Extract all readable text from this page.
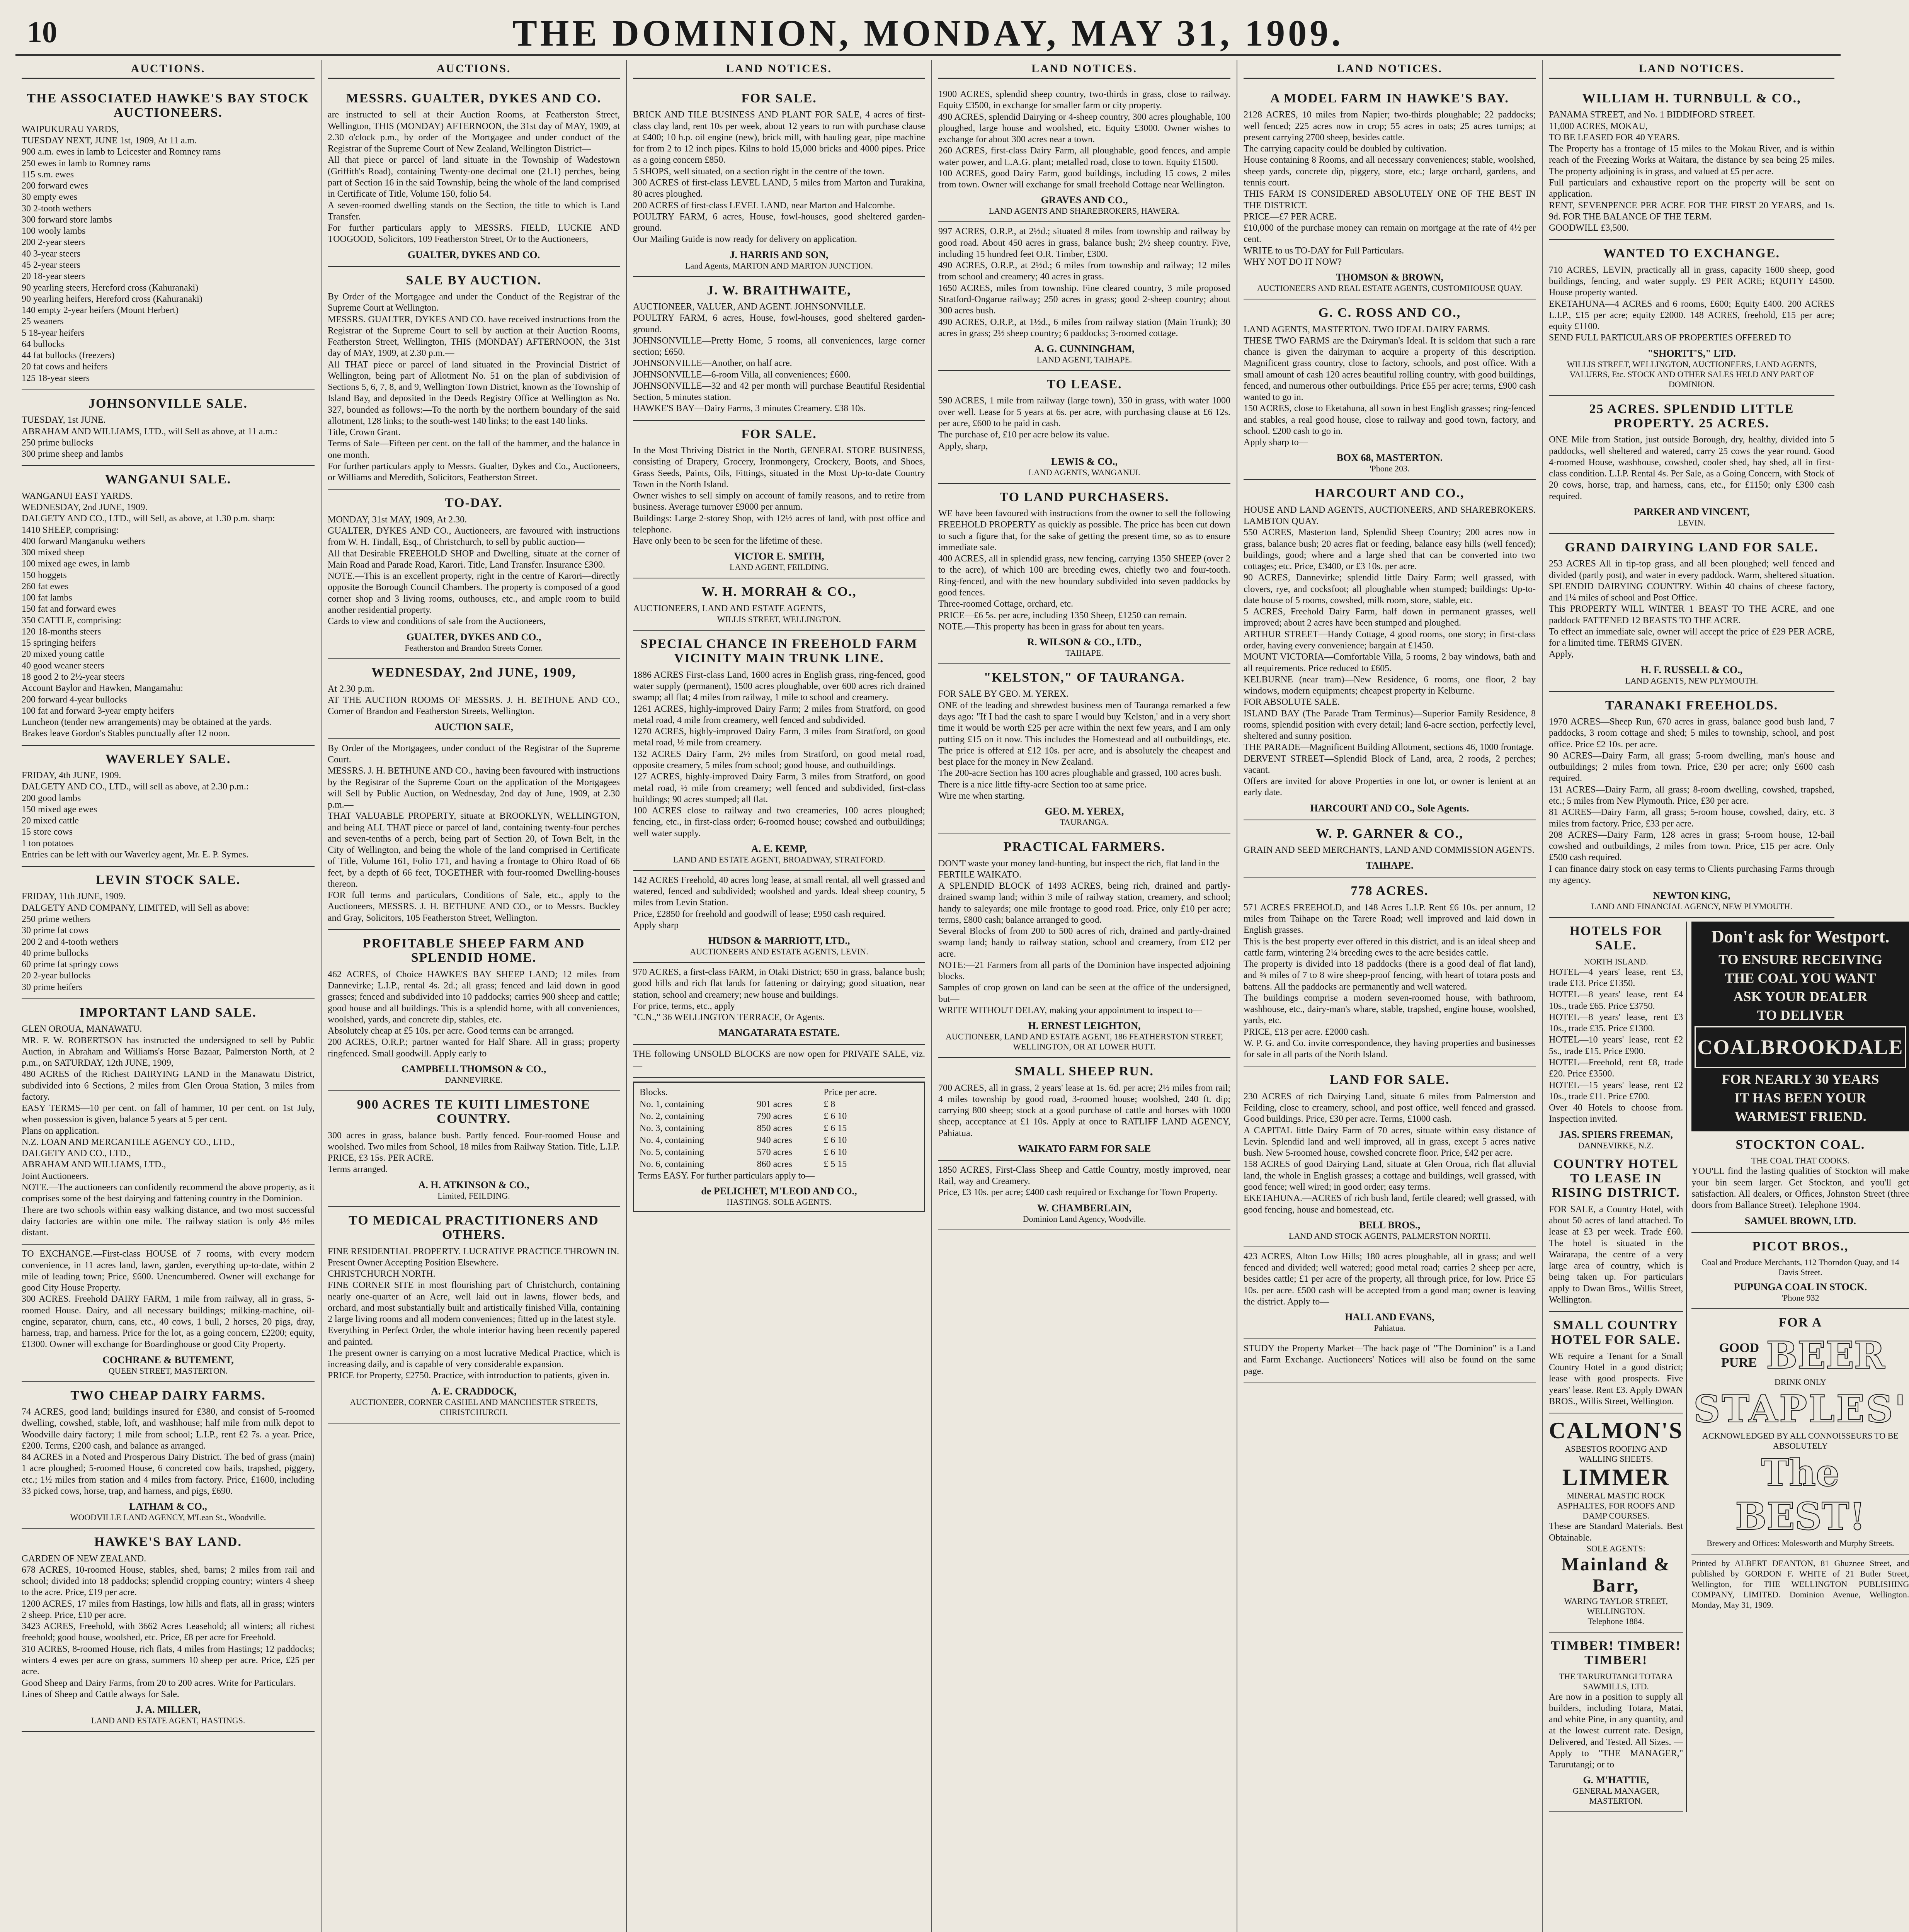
10	THE DOMINION, MONDAY, MAY 31, 1909.
AUCTIONS.
THE ASSOCIATED HAWKE'S BAY STOCK AUCTIONEERS.
WAIPUKURAU YARDS,
TUESDAY NEXT, JUNE 1st, 1909, At 11 a.m.
900 a.m. ewes in lamb to Leicester and Romney rams
250 ewes in lamb to Romney rams
115 s.m. ewes
200 forward ewes
30 empty ewes
30 2-tooth wethers
300 forward store lambs
100 wooly lambs
200 2-year steers
40 3-year steers
45 2-year steers
20 18-year steers
90 yearling steers, Hereford cross (Kahuranaki)
90 yearling heifers, Hereford cross (Kahuranaki)
140 empty 2-year heifers (Mount Herbert)
25 weaners
5 18-year heifers
64 bullocks
44 fat bullocks (freezers)
20 fat cows and heifers
125 18-year steers
JOHNSONVILLE SALE.
TUESDAY, 1st JUNE.
ABRAHAM AND WILLIAMS, LTD., will Sell as above, at 11 a.m.:
250 prime bullocks
300 prime sheep and lambs
WANGANUI SALE.
WANGANUI EAST YARDS.
WEDNESDAY, 2nd JUNE, 1909.
DALGETY AND CO., LTD., will Sell, as above, at 1.30 p.m. sharp:
1410 SHEEP, comprising:
400 forward Manganuku wethers
300 mixed sheep
100 mixed age ewes, in lamb
150 hoggets
260 fat ewes
100 fat lambs
150 fat and forward ewes
350 CATTLE, comprising:
120 18-months steers
15 springing heifers
20 mixed young cattle
40 good weaner steers
18 good 2 to 2½-year steers
Account Baylor and Hawken, Mangamahu:
200 forward 4-year bullocks
100 fat and forward 3-year empty heifers
Luncheon (tender new arrangements) may be obtained at the yards.
Brakes leave Gordon's Stables punctually after 12 noon.
WAVERLEY SALE.
FRIDAY, 4th JUNE, 1909.
DALGETY AND CO., LTD., will sell as above, at 2.30 p.m.:
200 good lambs
150 mixed age ewes
20 mixed cattle
15 store cows
1 ton potatoes
Entries can be left with our Waverley agent, Mr. E. P. Symes.
LEVIN STOCK SALE.
FRIDAY, 11th JUNE, 1909.
DALGETY AND COMPANY, LIMITED, will Sell as above:
250 prime wethers
30 prime fat cows
200 2 and 4-tooth wethers
40 prime bullocks
60 prime fat springy cows
20 2-year bullocks
30 prime heifers
IMPORTANT LAND SALE.
GLEN OROUA, MANAWATU.
MR. F. W. ROBERTSON has instructed the undersigned to sell by Public Auction, in Abraham and Williams's Horse Bazaar, Palmerston North, at 2 p.m., on SATURDAY, 12th JUNE, 1909,
480 ACRES of the Richest DAIRYING LAND in the Manawatu District, subdivided into 6 Sections, 2 miles from Glen Oroua Station, 3 miles from factory.
EASY TERMS—10 per cent. on fall of hammer, 10 per cent. on 1st July, when possession is given, balance 5 years at 5 per cent.
Plans on application.
N.Z. LOAN AND MERCANTILE AGENCY CO., LTD.,
DALGETY AND CO., LTD.,
ABRAHAM AND WILLIAMS, LTD.,
Joint Auctioneers.
NOTE.—The auctioneers can confidently recommend the above property, as it comprises some of the best dairying and fattening country in the Dominion.
There are two schools within easy walking distance, and two most successful dairy factories are within one mile. The railway station is only 4½ miles distant.
TO EXCHANGE.—First-class HOUSE of 7 rooms, with every modern convenience, in 11 acres land, lawn, garden, everything up-to-date, within 2 mile of leading town; Price, £600. Unencumbered. Owner will exchange for good City House Property.
300 ACRES. Freehold DAIRY FARM, 1 mile from railway, all in grass, 5-roomed House. Dairy, and all necessary buildings; milking-machine, oil-engine, separator, churn, cans, etc., 40 cows, 1 bull, 2 horses, 20 pigs, dray, harness, trap, and harness. Price for the lot, as a going concern, £2200; equity, £1300. Owner will exchange for Boardinghouse or good City Property.
COCHRANE & BUTEMENT,
QUEEN STREET, MASTERTON.
TWO CHEAP DAIRY FARMS.
74 ACRES, good land; buildings insured for £380, and consist of 5-roomed dwelling, cowshed, stable, loft, and washhouse; half mile from milk depot to Woodville dairy factory; 1 mile from school; L.I.P., rent £2 7s. a year. Price, £200. Terms, £200 cash, and balance as arranged.
84 ACRES in a Noted and Prosperous Dairy District. The bed of grass (main) 1 acre ploughed; 5-roomed House, 6 concreted cow bails, trapshed, piggery, etc.; 1½ miles from station and 4 miles from factory. Price, £1600, including 33 picked cows, horse, trap, and harness, and pigs, £690.
LATHAM & CO.,
WOODVILLE LAND AGENCY, M'Lean St., Woodville.
HAWKE'S BAY LAND.
GARDEN OF NEW ZEALAND.
678 ACRES, 10-roomed House, stables, shed, barns; 2 miles from rail and school; divided into 18 paddocks; splendid cropping country; winters 4 sheep to the acre. Price, £19 per acre.
1200 ACRES, 17 miles from Hastings, low hills and flats, all in grass; winters 2 sheep. Price, £10 per acre.
3423 ACRES, Freehold, with 3662 Acres Leasehold; all winters; all richest freehold; good house, woolshed, etc. Price, £8 per acre for Freehold.
310 ACRES, 8-roomed House, rich flats, 4 miles from Hastings; 12 paddocks; winters 4 ewes per acre on grass, summers 10 sheep per acre. Price, £25 per acre.
Good Sheep and Dairy Farms, from 20 to 200 acres. Write for Particulars.
Lines of Sheep and Cattle always for Sale.
J. A. MILLER,
LAND AND ESTATE AGENT, HASTINGS.
AUCTIONS.
MESSRS. GUALTER, DYKES AND CO.
are instructed to sell at their Auction Rooms, at Featherston Street, Wellington, THIS (MONDAY) AFTERNOON, the 31st day of MAY, 1909, at 2.30 o'clock p.m., by order of the Mortgagee and under conduct of the Registrar of the Supreme Court of New Zealand, Wellington District—
All that piece or parcel of land situate in the Township of Wadestown (Griffith's Road), containing Twenty-one decimal one (21.1) perches, being part of Section 16 in the said Township, being the whole of the land comprised in Certificate of Title, Volume 150, folio 54.
A seven-roomed dwelling stands on the Section, the title to which is Land Transfer.
For further particulars apply to MESSRS. FIELD, LUCKIE AND TOOGOOD, Solicitors, 109 Featherston Street, Or to the Auctioneers,
GUALTER, DYKES AND CO.
SALE BY AUCTION.
By Order of the Mortgagee and under the Conduct of the Registrar of the Supreme Court at Wellington.
MESSRS. GUALTER, DYKES AND CO. have received instructions from the Registrar of the Supreme Court to sell by auction at their Auction Rooms, Featherston Street, Wellington, THIS (MONDAY) AFTERNOON, the 31st day of MAY, 1909, at 2.30 p.m.—
All THAT piece or parcel of land situated in the Provincial District of Wellington, being part of Allotment No. 51 on the plan of subdivision of Sections 5, 6, 7, 8, and 9, Wellington Town District, known as the Township of Island Bay, and deposited in the Deeds Registry Office at Wellington as No. 327, bounded as follows:—To the north by the northern boundary of the said allotment, 128 links; to the south-west 140 links; to the east 140 links.
Title, Crown Grant.
Terms of Sale—Fifteen per cent. on the fall of the hammer, and the balance in one month.
For further particulars apply to Messrs. Gualter, Dykes and Co., Auctioneers, or Williams and Meredith, Solicitors, Featherston Street.
TO-DAY.
MONDAY, 31st MAY, 1909, At 2.30.
GUALTER, DYKES AND CO., Auctioneers, are favoured with instructions from W. H. Tindall, Esq., of Christchurch, to sell by public auction—
All that Desirable FREEHOLD SHOP and Dwelling, situate at the corner of Main Road and Parade Road, Karori. Title, Land Transfer. Insurance £300.
NOTE.—This is an excellent property, right in the centre of Karori—directly opposite the Borough Council Chambers. The property is composed of a good corner shop and 3 living rooms, outhouses, etc., and ample room to build another residential property.
Cards to view and conditions of sale from the Auctioneers,
GUALTER, DYKES AND CO.,
Featherston and Brandon Streets Corner.
WEDNESDAY, 2nd JUNE, 1909,
At 2.30 p.m.
AT THE AUCTION ROOMS OF MESSRS. J. H. BETHUNE AND CO., Corner of Brandon and Featherston Streets, Wellington.
AUCTION SALE,
By Order of the Mortgagees, under conduct of the Registrar of the Supreme Court.
MESSRS. J. H. BETHUNE AND CO., having been favoured with instructions by the Registrar of the Supreme Court on the application of the Mortgagees will Sell by Public Auction, on Wednesday, 2nd day of June, 1909, at 2.30 p.m.—
THAT VALUABLE PROPERTY, situate at BROOKLYN, WELLINGTON, and being ALL THAT piece or parcel of land, containing twenty-four perches and seven-tenths of a perch, being part of Section 20, of Town Belt, in the City of Wellington, and being the whole of the land comprised in Certificate of Title, Volume 161, Folio 171, and having a frontage to Ohiro Road of 66 feet, by a depth of 66 feet, TOGETHER with four-roomed Dwelling-houses thereon.
FOR full terms and particulars, Conditions of Sale, etc., apply to the Auctioneers, MESSRS. J. H. BETHUNE AND CO., or to Messrs. Buckley and Gray, Solicitors, 105 Featherston Street, Wellington.
PROFITABLE SHEEP FARM AND SPLENDID HOME.
462 ACRES, of Choice HAWKE'S BAY SHEEP LAND; 12 miles from Dannevirke; L.I.P., rental 4s. 2d.; all grass; fenced and laid down in good grasses; fenced and subdivided into 10 paddocks; carries 900 sheep and cattle; good house and all buildings. This is a splendid home, with all conveniences, woolshed, yards, and concrete dip, stables, etc.
Absolutely cheap at £5 10s. per acre. Good terms can be arranged.
200 ACRES, O.R.P.; partner wanted for Half Share. All in grass; property ringfenced. Small goodwill. Apply early to
CAMPBELL THOMSON & CO.,
DANNEVIRKE.
900 ACRES TE KUITI LIMESTONE COUNTRY.
300 acres in grass, balance bush. Partly fenced. Four-roomed House and woolshed. Two miles from School, 18 miles from Railway Station. Title, L.I.P.
PRICE, £3 15s. PER ACRE.
Terms arranged.
A. H. ATKINSON & CO.,
Limited, FEILDING.
TO MEDICAL PRACTITIONERS AND OTHERS.
FINE RESIDENTIAL PROPERTY. LUCRATIVE PRACTICE THROWN IN.
Present Owner Accepting Position Elsewhere.
CHRISTCHURCH NORTH.
FINE CORNER SITE in most flourishing part of Christchurch, containing nearly one-quarter of an Acre, well laid out in lawns, flower beds, and orchard, and most substantially built and artistically finished Villa, containing 2 large living rooms and all modern conveniences; fitted up in the latest style.
Everything in Perfect Order, the whole interior having been recently papered and painted.
The present owner is carrying on a most lucrative Medical Practice, which is increasing daily, and is capable of very considerable expansion.
PRICE for Property, £2750. Practice, with introduction to patients, given in.
A. E. CRADDOCK,
AUCTIONEER, CORNER CASHEL AND MANCHESTER STREETS, CHRISTCHURCH.
LAND NOTICES.
FOR SALE.
BRICK AND TILE BUSINESS AND PLANT FOR SALE, 4 acres of first-class clay land, rent 10s per week, about 12 years to run with purchase clause at £400; 10 h.p. oil engine (new), brick mill, with hauling gear, pipe machine for from 2 to 12 inch pipes. Kilns to hold 15,000 bricks and 4000 pipes. Price as a going concern £850.
5 SHOPS, well situated, on a section right in the centre of the town.
300 ACRES of first-class LEVEL LAND, 5 miles from Marton and Turakina, 80 acres ploughed.
200 ACRES of first-class LEVEL LAND, near Marton and Halcombe.
POULTRY FARM, 6 acres, House, fowl-houses, good sheltered garden-ground.
Our Mailing Guide is now ready for delivery on application.
J. HARRIS AND SON,
Land Agents, MARTON AND MARTON JUNCTION.
J. W. BRAITHWAITE,
AUCTIONEER, VALUER, AND AGENT. JOHNSONVILLE.
POULTRY FARM, 6 acres, House, fowl-houses, good sheltered garden-ground.
JOHNSONVILLE—Pretty Home, 5 rooms, all conveniences, large corner section; £650.
JOHNSONVILLE—Another, on half acre.
JOHNSONVILLE—6-room Villa, all conveniences; £600.
JOHNSONVILLE—32 and 42 per month will purchase Beautiful Residential Section, 5 minutes station.
HAWKE'S BAY—Dairy Farms, 3 minutes Creamery. £38 10s.
FOR SALE.
In the Most Thriving District in the North, GENERAL STORE BUSINESS, consisting of Drapery, Grocery, Ironmongery, Crockery, Boots, and Shoes, Grass Seeds, Paints, Oils, Fittings, situated in the Most Up-to-date Country Town in the North Island.
Owner wishes to sell simply on account of family reasons, and to retire from business. Average turnover £9000 per annum.
Buildings: Large 2-storey Shop, with 12½ acres of land, with post office and telephone.
Have only been to be seen for the lifetime of these.
VICTOR E. SMITH,
LAND AGENT, FEILDING.
W. H. MORRAH & CO.,
AUCTIONEERS, LAND AND ESTATE AGENTS,
WILLIS STREET, WELLINGTON.
SPECIAL CHANCE IN FREEHOLD FARM VICINITY MAIN TRUNK LINE.
1886 ACRES First-class Land, 1600 acres in English grass, ring-fenced, good water supply (permanent), 1500 acres ploughable, over 600 acres rich drained swamp; all flat; 4 miles from railway, 1 mile to school and creamery.
1261 ACRES, highly-improved Dairy Farm; 2 miles from Stratford, on good metal road, 4 mile from creamery, well fenced and subdivided.
1270 ACRES, highly-improved Dairy Farm, 3 miles from Stratford, on good metal road, ½ mile from creamery.
132 ACRES Dairy Farm, 2½ miles from Stratford, on good metal road, opposite creamery, 5 miles from school; good house, and outbuildings.
127 ACRES, highly-improved Dairy Farm, 3 miles from Stratford, on good metal road, ½ mile from creamery; well fenced and subdivided, first-class buildings; 90 acres stumped; all flat.
100 ACRES close to railway and two creameries, 100 acres ploughed; fencing, etc., in first-class order; 6-roomed house; cowshed and outbuildings; well water supply.
A. E. KEMP,
LAND AND ESTATE AGENT, BROADWAY, STRATFORD.
142 ACRES Freehold, 40 acres long lease, at small rental, all well grassed and watered, fenced and subdivided; woolshed and yards. Ideal sheep country, 5 miles from Levin Station.
Price, £2850 for freehold and goodwill of lease; £950 cash required.
Apply sharp
HUDSON & MARRIOTT, LTD.,
AUCTIONEERS AND ESTATE AGENTS, LEVIN.
970 ACRES, a first-class FARM, in Otaki District; 650 in grass, balance bush; good hills and rich flat lands for fattening or dairying; good situation, near station, school and creamery; new house and buildings.
For price, terms, etc., apply
"C.N.," 36 WELLINGTON TERRACE, Or Agents.
MANGATARATA ESTATE.
THE following UNSOLD BLOCKS are now open for PRIVATE SALE, viz.—
Blocks.		Price per acre.
No. 1, containing	901 acres	£ 8
No. 2, containing	790 acres	£ 6 10
No. 3, containing	850 acres	£ 6 15
No. 4, containing	940 acres	£ 6 10
No. 5, containing	570 acres	£ 6 10
No. 6, containing	860 acres	£ 5 15
Terms EASY. For further particulars apply to—
de PELICHET, M'LEOD AND CO.,
HASTINGS. SOLE AGENTS.
LAND NOTICES.
1900 ACRES, splendid sheep country, two-thirds in grass, close to railway. Equity £3500, in exchange for smaller farm or city property.
490 ACRES, splendid Dairying or 4-sheep country, 300 acres ploughable, 100 ploughed, large house and woolshed, etc. Equity £3000. Owner wishes to exchange for about 300 acres near a town.
260 ACRES, first-class Dairy Farm, all ploughable, good fences, and ample water power, and L.A.G. plant; metalled road, close to town. Equity £1500.
100 ACRES, good Dairy Farm, good buildings, including 15 cows, 2 miles from town. Owner will exchange for small freehold Cottage near Wellington.
GRAVES AND CO.,
LAND AGENTS AND SHAREBROKERS, HAWERA.
997 ACRES, O.R.P., at 2½d.; situated 8 miles from township and railway by good road. About 450 acres in grass, balance bush; 2½ sheep country. Five, including 15 hundred feet O.R. Timber, £300.
490 ACRES, O.R.P., at 2½d.; 6 miles from township and railway; 12 miles from school and creamery; 40 acres in grass.
1650 ACRES, miles from township. Fine cleared country, 3 mile proposed Stratford-Ongarue railway; 250 acres in grass; good 2-sheep country; about 300 acres bush.
490 ACRES, O.R.P., at 1½d., 6 miles from railway station (Main Trunk); 30 acres in grass; 2½ sheep country; 6 paddocks; 3-roomed cottage.
A. G. CUNNINGHAM,
LAND AGENT, TAIHAPE.
TO LEASE.
590 ACRES, 1 mile from railway (large town), 350 in grass, with water 1000 over well. Lease for 5 years at 6s. per acre, with purchasing clause at £6 12s. per acre, £600 to be paid in cash.
The purchase of, £10 per acre below its value.
Apply, sharp,
LEWIS & CO.,
LAND AGENTS, WANGANUI.
TO LAND PURCHASERS.
WE have been favoured with instructions from the owner to sell the following FREEHOLD PROPERTY as quickly as possible. The price has been cut down to such a figure that, for the sake of getting the present time, so as to ensure immediate sale.
400 ACRES, all in splendid grass, new fencing, carrying 1350 SHEEP (over 2 to the acre), of which 100 are breeding ewes, chiefly two and four-tooth. Ring-fenced, and with the new boundary subdivided into seven paddocks by good fences.
Three-roomed Cottage, orchard, etc.
PRICE—£6 5s. per acre, including 1350 Sheep, £1250 can remain.
NOTE.—This property has been in grass for about ten years.
R. WILSON & CO., LTD.,
TAIHAPE.
"KELSTON," OF TAURANGA.
FOR SALE BY GEO. M. YEREX.
ONE of the leading and shrewdest business men of Tauranga remarked a few days ago: "If I had the cash to spare I would buy 'Kelston,' and in a very short time it would be worth £25 per acre within the next few years, and I am only putting £15 on it now. This includes the Homestead and all outbuildings, etc. The price is offered at £12 10s. per acre, and is absolutely the cheapest and best place for the money in New Zealand.
The 200-acre Section has 100 acres ploughable and grassed, 100 acres bush.
There is a nice little fifty-acre Section too at same price.
Wire me when starting.
GEO. M. YEREX,
TAURANGA.
PRACTICAL FARMERS.
DON'T waste your money land-hunting, but inspect the rich, flat land in the
FERTILE WAIKATO.
A SPLENDID BLOCK of 1493 ACRES, being rich, drained and partly-drained swamp land; within 3 mile of railway station, creamery, and school; handy to saleyards; one mile frontage to good road. Price, only £10 per acre; terms, £800 cash; balance arranged to good.
Several Blocks of from 200 to 500 acres of rich, drained and partly-drained swamp land; handy to railway station, school and creamery, from £12 per acre.
NOTE:—21 Farmers from all parts of the Dominion have inspected adjoining blocks.
Samples of crop grown on land can be seen at the office of the undersigned, but—
WRITE WITHOUT DELAY, making your appointment to inspect to—
H. ERNEST LEIGHTON,
AUCTIONEER, LAND AND ESTATE AGENT, 186 FEATHERSTON STREET, WELLINGTON, OR AT LOWER HUTT.
SMALL SHEEP RUN.
700 ACRES, all in grass, 2 years' lease at 1s. 6d. per acre; 2½ miles from rail; 4 miles township by good road, 3-roomed house; woolshed, 240 ft. dip; carrying 800 sheep; stock at a good purchase of cattle and horses with 1000 sheep, acceptance at £1 10s. Apply at once to RATLIFF LAND AGENCY, Pahiatua.
WAIKATO FARM FOR SALE
1850 ACRES, First-Class Sheep and Cattle Country, mostly improved, near Rail, way and Creamery.
Price, £3 10s. per acre; £400 cash required or Exchange for Town Property.
W. CHAMBERLAIN,
Dominion Land Agency, Woodville.
LAND NOTICES.
A MODEL FARM IN HAWKE'S BAY.
2128 ACRES, 10 miles from Napier; two-thirds ploughable; 22 paddocks; well fenced; 225 acres now in crop; 55 acres in oats; 25 acres turnips; at present carrying 2700 sheep, besides cattle.
The carrying capacity could be doubled by cultivation.
House containing 8 Rooms, and all necessary conveniences; stable, woolshed, sheep yards, concrete dip, piggery, store, etc.; large orchard, gardens, and tennis court.
THIS FARM IS CONSIDERED ABSOLUTELY ONE OF THE BEST IN THE DISTRICT.
PRICE—£7 PER ACRE.
£10,000 of the purchase money can remain on mortgage at the rate of 4½ per cent.
WRITE to us TO-DAY for Full Particulars.
WHY NOT DO IT NOW?
THOMSON & BROWN,
AUCTIONEERS AND REAL ESTATE AGENTS, CUSTOMHOUSE QUAY.
G. C. ROSS AND CO.,
LAND AGENTS, MASTERTON. TWO IDEAL DAIRY FARMS.
THESE TWO FARMS are the Dairyman's Ideal. It is seldom that such a rare chance is given the dairyman to acquire a property of this description. Magnificent grass country, close to factory, schools, and post office. With a small amount of cash 120 acres beautiful rolling country, with good buildings, fenced, and numerous other outbuildings. Price £55 per acre; terms, £900 cash wanted to go in.
150 ACRES, close to Eketahuna, all sown in best English grasses; ring-fenced and stables, a real good house, close to railway and good town, factory, and school. £200 cash to go in.
Apply sharp to—
BOX 68, MASTERTON.
'Phone 203.
HARCOURT AND CO.,
HOUSE AND LAND AGENTS, AUCTIONEERS, AND SHAREBROKERS. LAMBTON QUAY.
550 ACRES, Masterton land, Splendid Sheep Country; 200 acres now in grass, balance bush; 20 acres flat or feeding, balance easy hills (well fenced); buildings, good; where and a large shed that can be converted into two cottages; etc. Price, £3400, or £3 10s. per acre.
90 ACRES, Dannevirke; splendid little Dairy Farm; well grassed, with clovers, rye, and cocksfoot; all ploughable when stumped; buildings: Up-to-date house of 5 rooms, cowshed, milk room, store, stable, etc.
5 ACRES, Freehold Dairy Farm, half down in permanent grasses, well improved; about 2 acres have been stumped and ploughed.
ARTHUR STREET—Handy Cottage, 4 good rooms, one story; in first-class order, having every convenience; bargain at £1450.
MOUNT VICTORIA—Comfortable Villa, 5 rooms, 2 bay windows, bath and all requirements. Price reduced to £605.
KELBURNE (near tram)—New Residence, 6 rooms, one floor, 2 bay windows, modern equipments; cheapest property in Kelburne.
FOR ABSOLUTE SALE.
ISLAND BAY (The Parade Tram Terminus)—Superior Family Residence, 8 rooms, splendid position with every detail; land 6-acre section, perfectly level, sheltered and sunny position.
THE PARADE—Magnificent Building Allotment, sections 46, 1000 frontage.
DERVENT STREET—Splendid Block of Land, area, 2 roods, 2 perches; vacant.
Offers are invited for above Properties in one lot, or owner is lenient at an early date.
HARCOURT AND CO., Sole Agents.
W. P. GARNER & CO.,
GRAIN AND SEED MERCHANTS, LAND AND COMMISSION AGENTS.
TAIHAPE.
778 ACRES.
571 ACRES FREEHOLD, and 148 Acres L.I.P. Rent £6 10s. per annum, 12 miles from Taihape on the Tarere Road; well improved and laid down in English grasses.
This is the best property ever offered in this district, and is an ideal sheep and cattle farm, wintering 2¼ breeding ewes to the acre besides cattle.
The property is divided into 18 paddocks (there is a good deal of flat land), and ¾ miles of 7 to 8 wire sheep-proof fencing, with heart of totara posts and battens. All the paddocks are permanently and well watered.
The buildings comprise a modern seven-roomed house, with bathroom, washhouse, etc., dairy-man's whare, stable, trapshed, engine house, woolshed, yards, etc.
PRICE, £13 per acre. £2000 cash.
W. P. G. and Co. invite correspondence, they having properties and businesses for sale in all parts of the North Island.
LAND FOR SALE.
230 ACRES of rich Dairying Land, situate 6 miles from Palmerston and Feilding, close to creamery, school, and post office, well fenced and grassed. Good buildings. Price, £30 per acre. Terms, £1000 cash.
A CAPITAL little Dairy Farm of 70 acres, situate within easy distance of Levin. Splendid land and well improved, all in grass, except 5 acres native bush. New 5-roomed house, cowshed concrete floor. Price, £42 per acre.
158 ACRES of good Dairying Land, situate at Glen Oroua, rich flat alluvial land, the whole in English grasses; a cottage and buildings, well grassed, with good fence; well wired; in good order; easy terms.
EKETAHUNA.—ACRES of rich bush land, fertile cleared; well grassed, with good fencing, house and homestead, etc.
BELL BROS.,
LAND AND STOCK AGENTS, PALMERSTON NORTH.
423 ACRES, Alton Low Hills; 180 acres ploughable, all in grass; and well fenced and divided; well watered; good metal road; carries 2 sheep per acre, besides cattle; £1 per acre of the property, all through price, for low. Price £5 10s. per acre. £500 cash will be accepted from a good man; owner is leaving the district. Apply to—
HALL AND EVANS,
Pahiatua.
STUDY the Property Market—The back page of "The Dominion" is a Land and Farm Exchange. Auctioneers' Notices will also be found on the same page.
LAND NOTICES.
WILLIAM H. TURNBULL & CO.,
PANAMA STREET, and No. 1 BIDDIFORD STREET.
11,000 ACRES, MOKAU,
TO BE LEASED FOR 40 YEARS.
The Property has a frontage of 15 miles to the Mokau River, and is within reach of the Freezing Works at Waitara, the distance by sea being 25 miles. The property adjoining is in grass, and valued at £5 per acre.
Full particulars and exhaustive report on the property will be sent on application.
RENT, SEVENPENCE PER ACRE FOR THE FIRST 20 YEARS, and 1s. 9d. FOR THE BALANCE OF THE TERM.
GOODWILL £3,500.
WANTED TO EXCHANGE.
710 ACRES, LEVIN, practically all in grass, capacity 1600 sheep, good buildings, fencing, and water supply. £9 PER ACRE; EQUITY £4500. House property wanted.
EKETAHUNA—4 ACRES and 6 rooms, £600; Equity £400. 200 ACRES L.I.P., £15 per acre; equity £2000. 148 ACRES, freehold, £15 per acre; equity £1100.
SEND FULL PARTICULARS OF PROPERTIES OFFERED TO
"SHORTT'S," LTD.
WILLIS STREET, WELLINGTON, AUCTIONEERS, LAND AGENTS, VALUERS, Etc. STOCK AND OTHER SALES HELD ANY PART OF DOMINION.
25 ACRES. SPLENDID LITTLE PROPERTY. 25 ACRES.
ONE Mile from Station, just outside Borough, dry, healthy, divided into 5 paddocks, well sheltered and watered, carry 25 cows the year round. Good 4-roomed House, washhouse, cowshed, cooler shed, hay shed, all in first-class condition. L.I.P. Rental 4s. Per Sale, as a Going Concern, with Stock of 20 cows, horse, trap, and harness, cans, etc., for £1150; only £300 cash required.
PARKER AND VINCENT,
LEVIN.
GRAND DAIRYING LAND FOR SALE.
253 ACRES All in tip-top grass, and all been ploughed; well fenced and divided (partly post), and water in every paddock. Warm, sheltered situation. SPLENDID DAIRYING COUNTRY. Within 40 chains of cheese factory, and 1¼ miles of school and Post Office.
This PROPERTY WILL WINTER 1 BEAST TO THE ACRE, and one paddock FATTENED 12 BEASTS TO THE ACRE.
To effect an immediate sale, owner will accept the price of £29 PER ACRE, for a limited time. TERMS GIVEN.
Apply,
H. F. RUSSELL & CO.,
LAND AGENTS, NEW PLYMOUTH.
TARANAKI FREEHOLDS.
1970 ACRES—Sheep Run, 670 acres in grass, balance good bush land, 7 paddocks, 3 room cottage and shed; 5 miles to township, school, and post office. Price £2 10s. per acre.
90 ACRES—Dairy Farm, all grass; 5-room dwelling, man's house and outbuildings; 2 miles from town. Price, £30 per acre; only £600 cash required.
131 ACRES—Dairy Farm, all grass; 8-room dwelling, cowshed, trapshed, etc.; 5 miles from New Plymouth. Price, £30 per acre.
81 ACRES—Dairy Farm, all grass; 5-room house, cowshed, dairy, etc. 3 miles from factory. Price, £33 per acre.
208 ACRES—Dairy Farm, 128 acres in grass; 5-room house, 12-bail cowshed and outbuildings, 2 miles from town. Price, £15 per acre. Only £500 cash required.
I can finance dairy stock on easy terms to Clients purchasing Farms through my agency.
NEWTON KING,
LAND AND FINANCIAL AGENCY, NEW PLYMOUTH.
HOTELS FOR SALE.
NORTH ISLAND.
HOTEL—4 years' lease, rent £3, trade £13. Price £1350.
HOTEL—8 years' lease, rent £4 10s., trade £65. Price £3750.
HOTEL—8 years' lease, rent £3 10s., trade £35. Price £1300.
HOTEL—10 years' lease, rent £2 5s., trade £15. Price £900.
HOTEL—Freehold, rent £8, trade £20. Price £3500.
HOTEL—15 years' lease, rent £2 10s., trade £11. Price £700.
Over 40 Hotels to choose from. Inspection invited.
JAS. SPIERS FREEMAN,
DANNEVIRKE, N.Z.
COUNTRY HOTEL TO LEASE IN RISING DISTRICT.
FOR SALE, a Country Hotel, with about 50 acres of land attached. To lease at £3 per week. Trade £60. The hotel is situated in the Wairarapa, the centre of a very large area of country, which is being taken up. For particulars apply to Dwan Bros., Willis Street, Wellington.
SMALL COUNTRY HOTEL FOR SALE.
WE require a Tenant for a Small Country Hotel in a good district; lease with good prospects. Five years' lease. Rent £3. Apply DWAN BROS., Willis Street, Wellington.
CALMON'S
ASBESTOS ROOFING AND WALLING SHEETS.
LIMMER
MINERAL MASTIC ROCK ASPHALTES, FOR ROOFS AND DAMP COURSES.
These are Standard Materials. Best Obtainable.
SOLE AGENTS:
Mainland & Barr,
WARING TAYLOR STREET, WELLINGTON.
Telephone 1884.
TIMBER! TIMBER! TIMBER!
THE TARURUTANGI TOTARA SAWMILLS, LTD.
Are now in a position to supply all builders, including Totara, Matai, and white Pine, in any quantity, and at the lowest current rate. Design, Delivered, and Tested. All Sizes. — Apply to "THE MANAGER," Tarurutangi; or to
G. M'HATTIE,
GENERAL MANAGER, MASTERTON.
Don't ask for Westport.
TO ENSURE RECEIVING
THE COAL YOU WANT
ASK YOUR DEALER
TO DELIVER
COALBROOKDALE
FOR NEARLY 30 YEARS
IT HAS BEEN YOUR
WARMEST FRIEND.
STOCKTON COAL.
THE COAL THAT COOKS.
YOU'LL find the lasting qualities of Stockton will make your bin seem larger. Get Stockton, and you'll get satisfaction. All dealers, or Offices, Johnston Street (three doors from Ballance Street). Telephone 1904.
SAMUEL BROWN, LTD.
PICOT BROS.,
Coal and Produce Merchants, 112 Thorndon Quay, and 14 Davis Street.
PUPUNGA COAL IN STOCK.
'Phone 932
FOR A
GOOD PURE BEER
DRINK ONLY
STAPLES'
ACKNOWLEDGED BY ALL CONNOISSEURS TO BE ABSOLUTELY
The BEST!
Brewery and Offices: Molesworth and Murphy Streets.
Printed by ALBERT DEANTON, 81 Ghuznee Street, and published by GORDON F. WHITE of 21 Butler Street, Wellington, for THE WELLINGTON PUBLISHING COMPANY, LIMITED. Dominion Avenue, Wellington. Monday, May 31, 1909.
